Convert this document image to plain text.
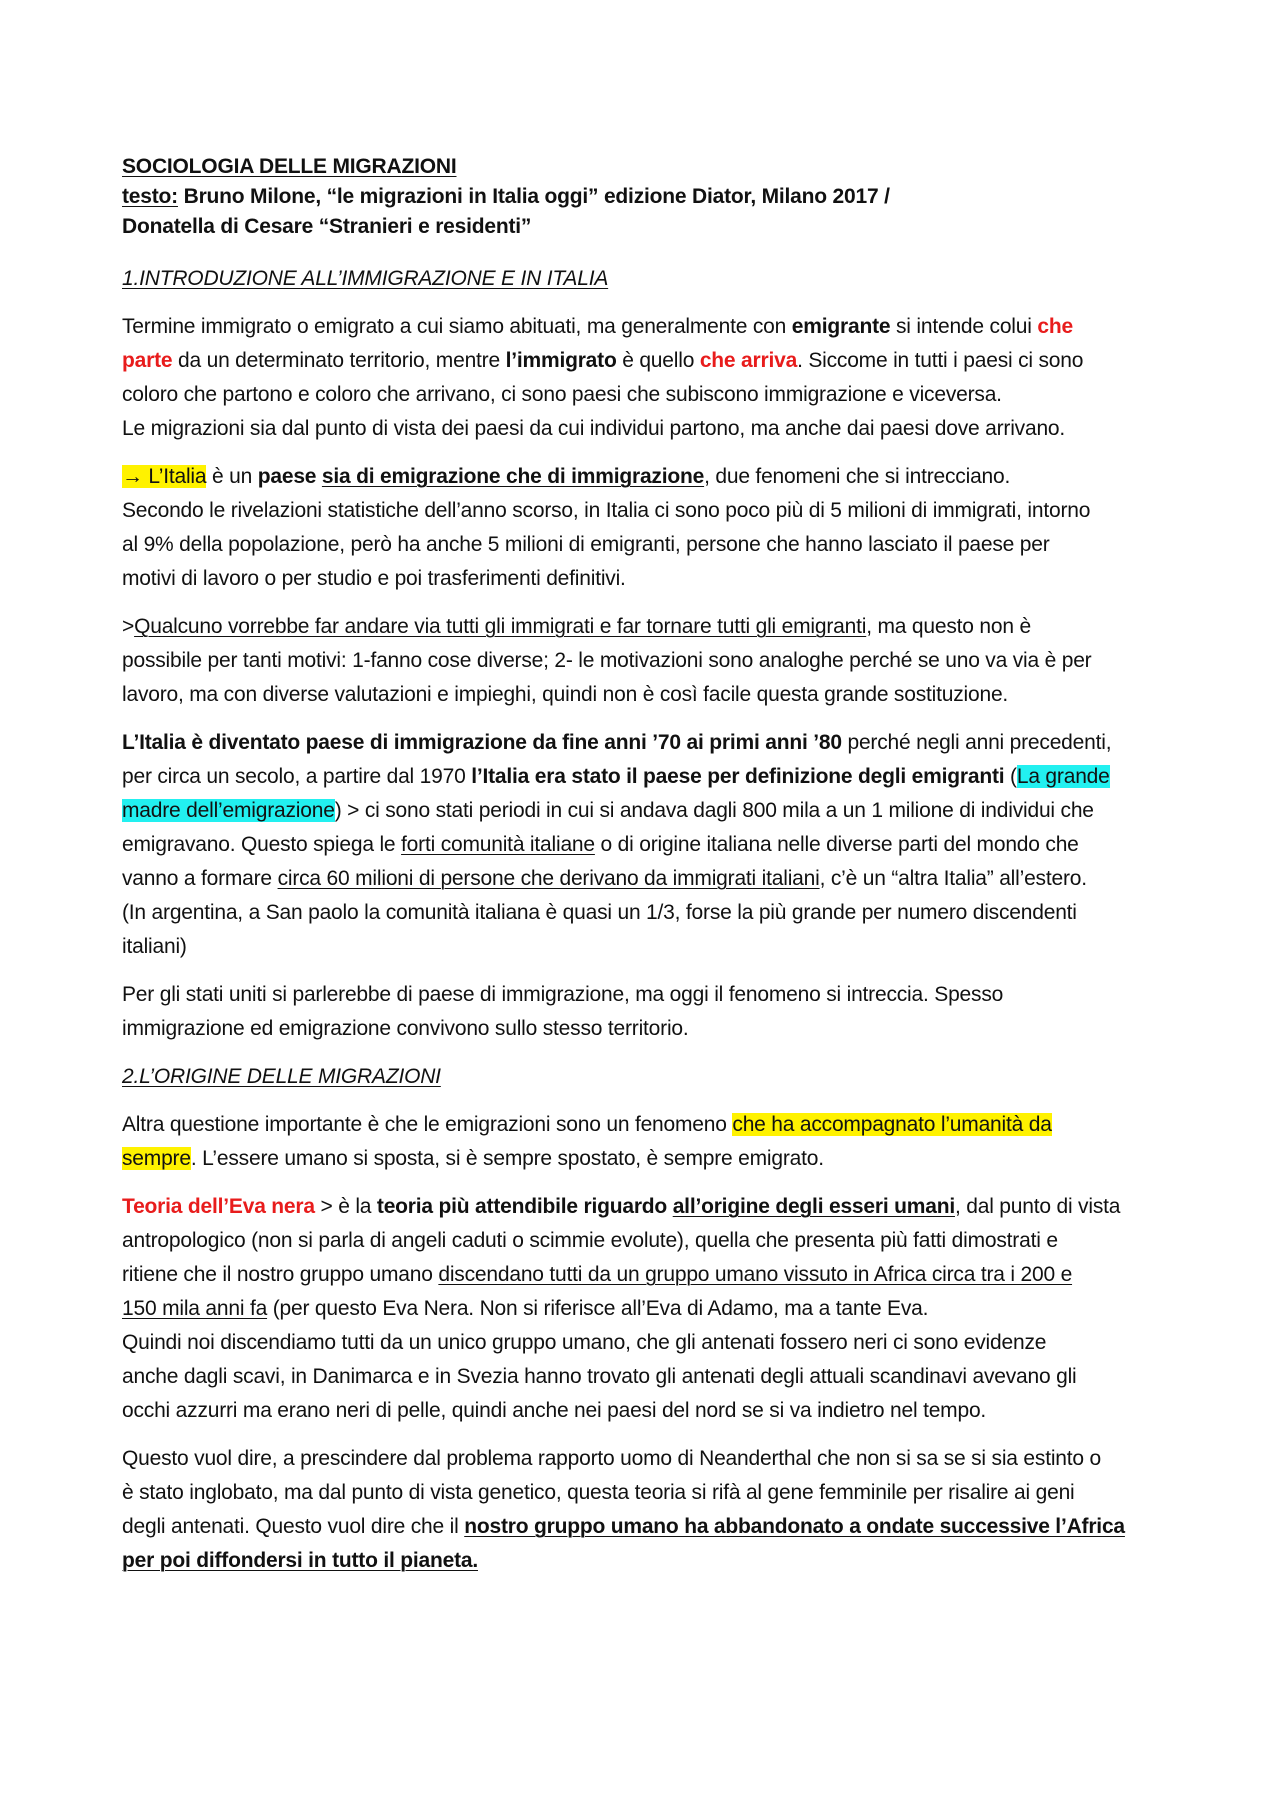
SOCIOLOGIA DELLE MIGRAZIONI
testo: Bruno Milone, “le migrazioni in Italia oggi” edizione Diator, Milano 2017 /
Donatella di Cesare “Stranieri e residenti”
1.INTRODUZIONE ALL’IMMIGRAZIONE E IN ITALIA
Termine immigrato o emigrato a cui siamo abituati, ma generalmente con emigrante si intende colui che
parte da un determinato territorio, mentre l’immigrato è quello che arriva. Siccome in tutti i paesi ci sono
coloro che partono e coloro che arrivano, ci sono paesi che subiscono immigrazione e viceversa.
Le migrazioni sia dal punto di vista dei paesi da cui individui partono, ma anche dai paesi dove arrivano.
→ L’Italia è un paese sia di emigrazione che di immigrazione, due fenomeni che si intrecciano.
Secondo le rivelazioni statistiche dell’anno scorso, in Italia ci sono poco più di 5 milioni di immigrati, intorno
al 9% della popolazione, però ha anche 5 milioni di emigranti, persone che hanno lasciato il paese per
motivi di lavoro o per studio e poi trasferimenti definitivi.
>Qualcuno vorrebbe far andare via tutti gli immigrati e far tornare tutti gli emigranti, ma questo non è
possibile per tanti motivi: 1-fanno cose diverse; 2- le motivazioni sono analoghe perché se uno va via è per
lavoro, ma con diverse valutazioni e impieghi, quindi non è così facile questa grande sostituzione.
L’Italia è diventato paese di immigrazione da fine anni ’70 ai primi anni ’80 perché negli anni precedenti,
per circa un secolo, a partire dal 1970 l’Italia era stato il paese per definizione degli emigranti (La grande
madre dell’emigrazione) > ci sono stati periodi in cui si andava dagli 800 mila a un 1 milione di individui che
emigravano. Questo spiega le forti comunità italiane o di origine italiana nelle diverse parti del mondo che
vanno a formare circa 60 milioni di persone che derivano da immigrati italiani, c’è un “altra Italia” all’estero.
(In argentina, a San paolo la comunità italiana è quasi un 1/3, forse la più grande per numero discendenti
italiani)
Per gli stati uniti si parlerebbe di paese di immigrazione, ma oggi il fenomeno si intreccia. Spesso
immigrazione ed emigrazione convivono sullo stesso territorio.
2.L’ORIGINE DELLE MIGRAZIONI
Altra questione importante è che le emigrazioni sono un fenomeno che ha accompagnato l’umanità da
sempre. L’essere umano si sposta, si è sempre spostato, è sempre emigrato.
Teoria dell’Eva nera > è la teoria più attendibile riguardo all’origine degli esseri umani, dal punto di vista
antropologico (non si parla di angeli caduti o scimmie evolute), quella che presenta più fatti dimostrati e
ritiene che il nostro gruppo umano discendano tutti da un gruppo umano vissuto in Africa circa tra i 200 e
150 mila anni fa (per questo Eva Nera. Non si riferisce all’Eva di Adamo, ma a tante Eva.
Quindi noi discendiamo tutti da un unico gruppo umano, che gli antenati fossero neri ci sono evidenze
anche dagli scavi, in Danimarca e in Svezia hanno trovato gli antenati degli attuali scandinavi avevano gli
occhi azzurri ma erano neri di pelle, quindi anche nei paesi del nord se si va indietro nel tempo.
Questo vuol dire, a prescindere dal problema rapporto uomo di Neanderthal che non si sa se si sia estinto o
è stato inglobato, ma dal punto di vista genetico, questa teoria si rifà al gene femminile per risalire ai geni
degli antenati. Questo vuol dire che il nostro gruppo umano ha abbandonato a ondate successive l’Africa
per poi diffondersi in tutto il pianeta.
